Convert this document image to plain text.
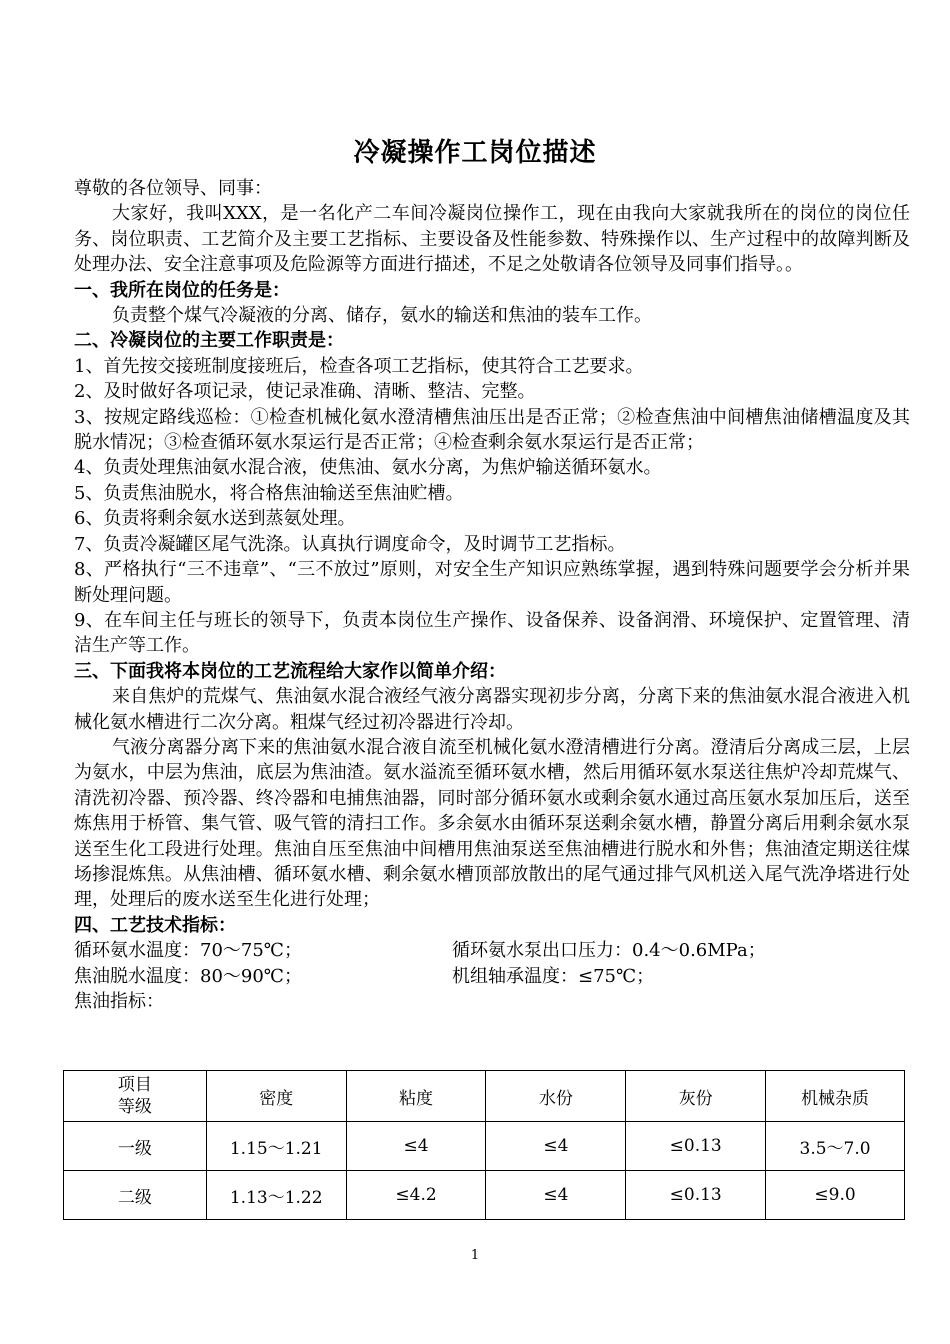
冷凝操作工岗位描述

尊敬的各位领导、同事：

大家好，我叫XXX，是一名化产二车间冷凝岗位操作工，现在由我向大家就我所在的岗位的岗位任务、岗位职责、工艺简介及主要工艺指标、主要设备及性能参数、特殊操作以、生产过程中的故障判断及处理办法、安全注意事项及危险源等方面进行描述，不足之处敬请各位领导及同事们指导。。

一、我所在岗位的任务是：

负责整个煤气冷凝液的分离、储存，氨水的输送和焦油的装车工作。

二、冷凝岗位的主要工作职责是：

1、首先按交接班制度接班后，检查各项工艺指标，使其符合工艺要求。

2、及时做好各项记录，使记录准确、清晰、整洁、完整。

3、按规定路线巡检：①检查机械化氨水澄清槽焦油压出是否正常；②检查焦油中间槽焦油储槽温度及其脱水情况；③检查循环氨水泵运行是否正常；④检查剩余氨水泵运行是否正常；

4、负责处理焦油氨水混合液，使焦油、氨水分离，为焦炉输送循环氨水。

5、负责焦油脱水，将合格焦油输送至焦油贮槽。

6、负责将剩余氨水送到蒸氨处理。

7、负责冷凝罐区尾气洗涤。认真执行调度命令，及时调节工艺指标。

8、严格执行“三不违章”、“三不放过”原则，对安全生产知识应熟练掌握，遇到特殊问题要学会分析并果断处理问题。

9、在车间主任与班长的领导下，负责本岗位生产操作、设备保养、设备润滑、环境保护、定置管理、清洁生产等工作。

三、下面我将本岗位的工艺流程给大家作以简单介绍：

来自焦炉的荒煤气、焦油氨水混合液经气液分离器实现初步分离，分离下来的焦油氨水混合液进入机械化氨水槽进行二次分离。粗煤气经过初冷器进行冷却。

气液分离器分离下来的焦油氨水混合液自流至机械化氨水澄清槽进行分离。澄清后分离成三层，上层为氨水，中层为焦油，底层为焦油渣。氨水溢流至循环氨水槽，然后用循环氨水泵送往焦炉冷却荒煤气、清洗初冷器、预冷器、终冷器和电捕焦油器，同时部分循环氨水或剩余氨水通过高压氨水泵加压后，送至炼焦用于桥管、集气管、吸气管的清扫工作。多余氨水由循环泵送剩余氨水槽，静置分离后用剩余氨水泵送至生化工段进行处理。焦油自压至焦油中间槽用焦油泵送至焦油槽进行脱水和外售；焦油渣定期送往煤场掺混炼焦。从焦油槽、循环氨水槽、剩余氨水槽顶部放散出的尾气通过排气风机送入尾气洗净塔进行处理，处理后的废水送至生化进行处理；

四、工艺技术指标：

循环氨水温度：70～75℃；	循环氨水泵出口压力：0.4～0.6MPa；
焦油脱水温度：80～90℃；	机组轴承温度：≤75℃；

焦油指标：

项目
等级	密度	粘度	水份	灰份	机械杂质
一级	1.15～1.21	≤4	≤4	≤0.13	3.5～7.0
二级	1.13～1.22	≤4.2	≤4	≤0.13	≤9.0
1
